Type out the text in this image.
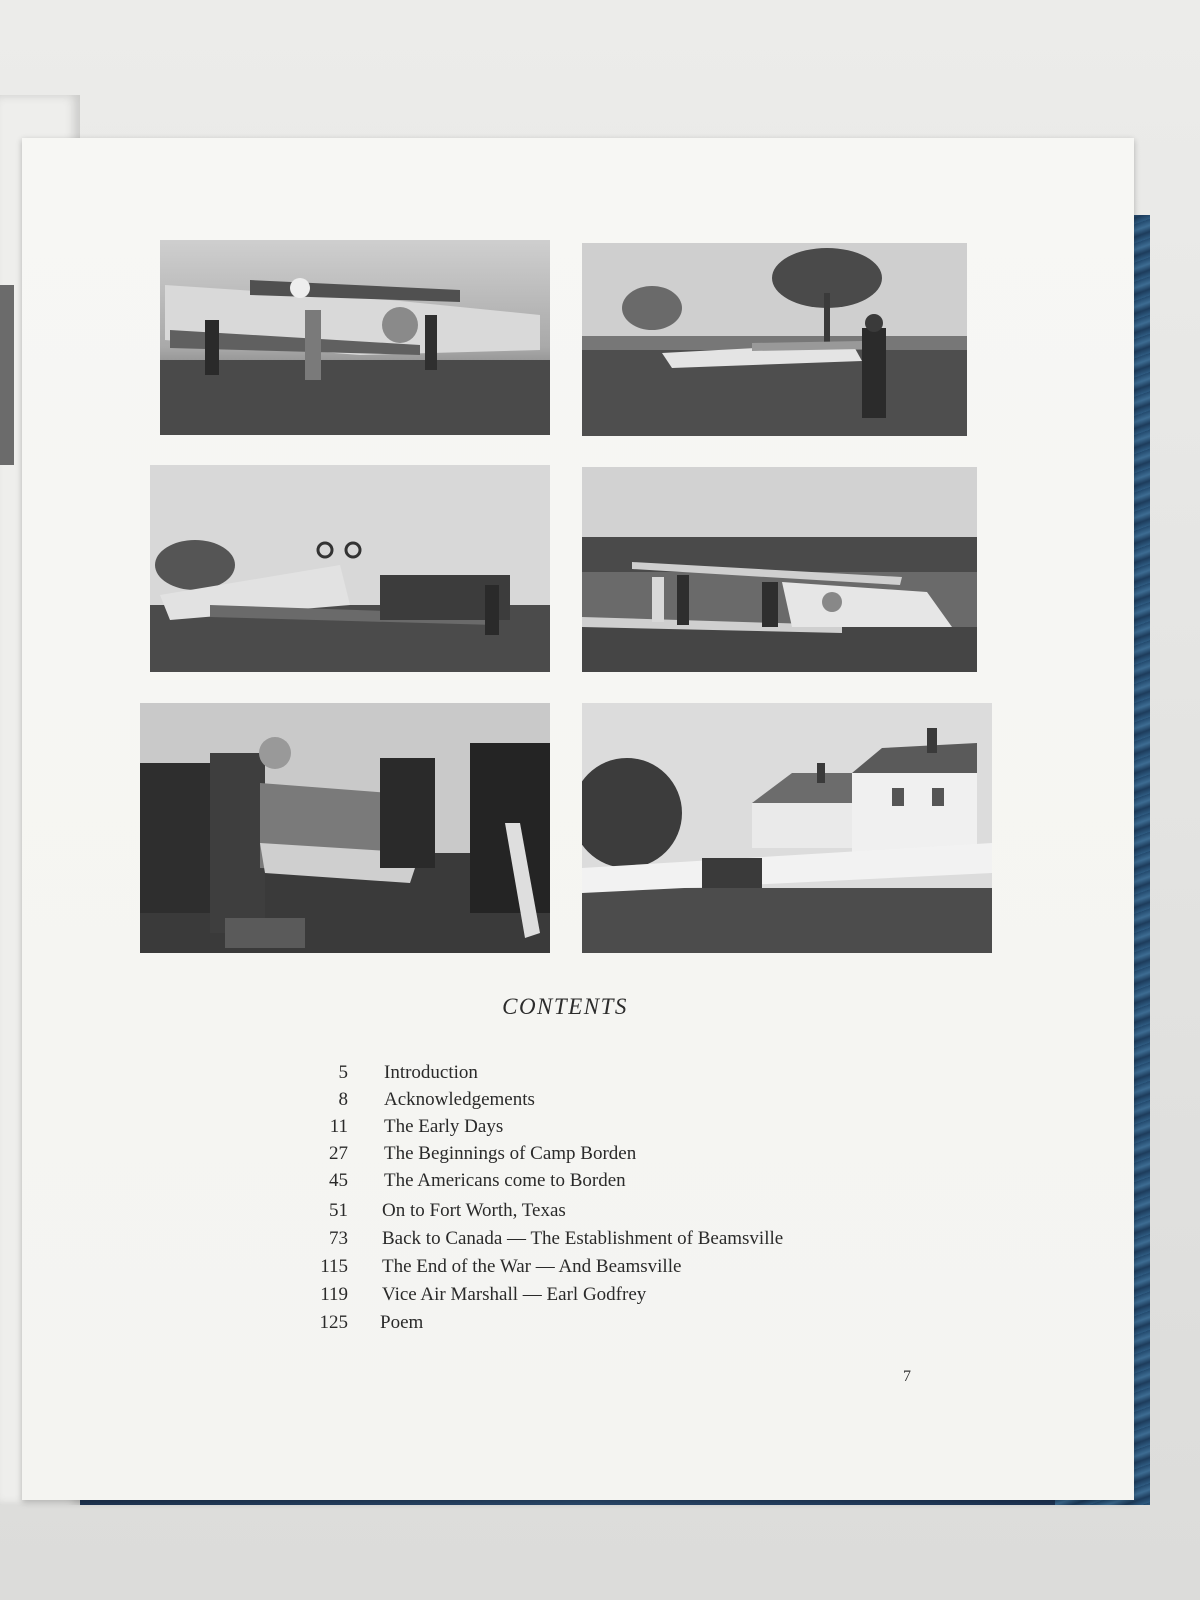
CONTENTS
5 Introduction
8 Acknowledgements
11 The Early Days
27 The Beginnings of Camp Borden
45 The Americans come to Borden
51 On to Fort Worth, Texas
73 Back to Canada — The Establishment of Beamsville
115 The End of the War — And Beamsville
119 Vice Air Marshall — Earl Godfrey
125 Poem
7
